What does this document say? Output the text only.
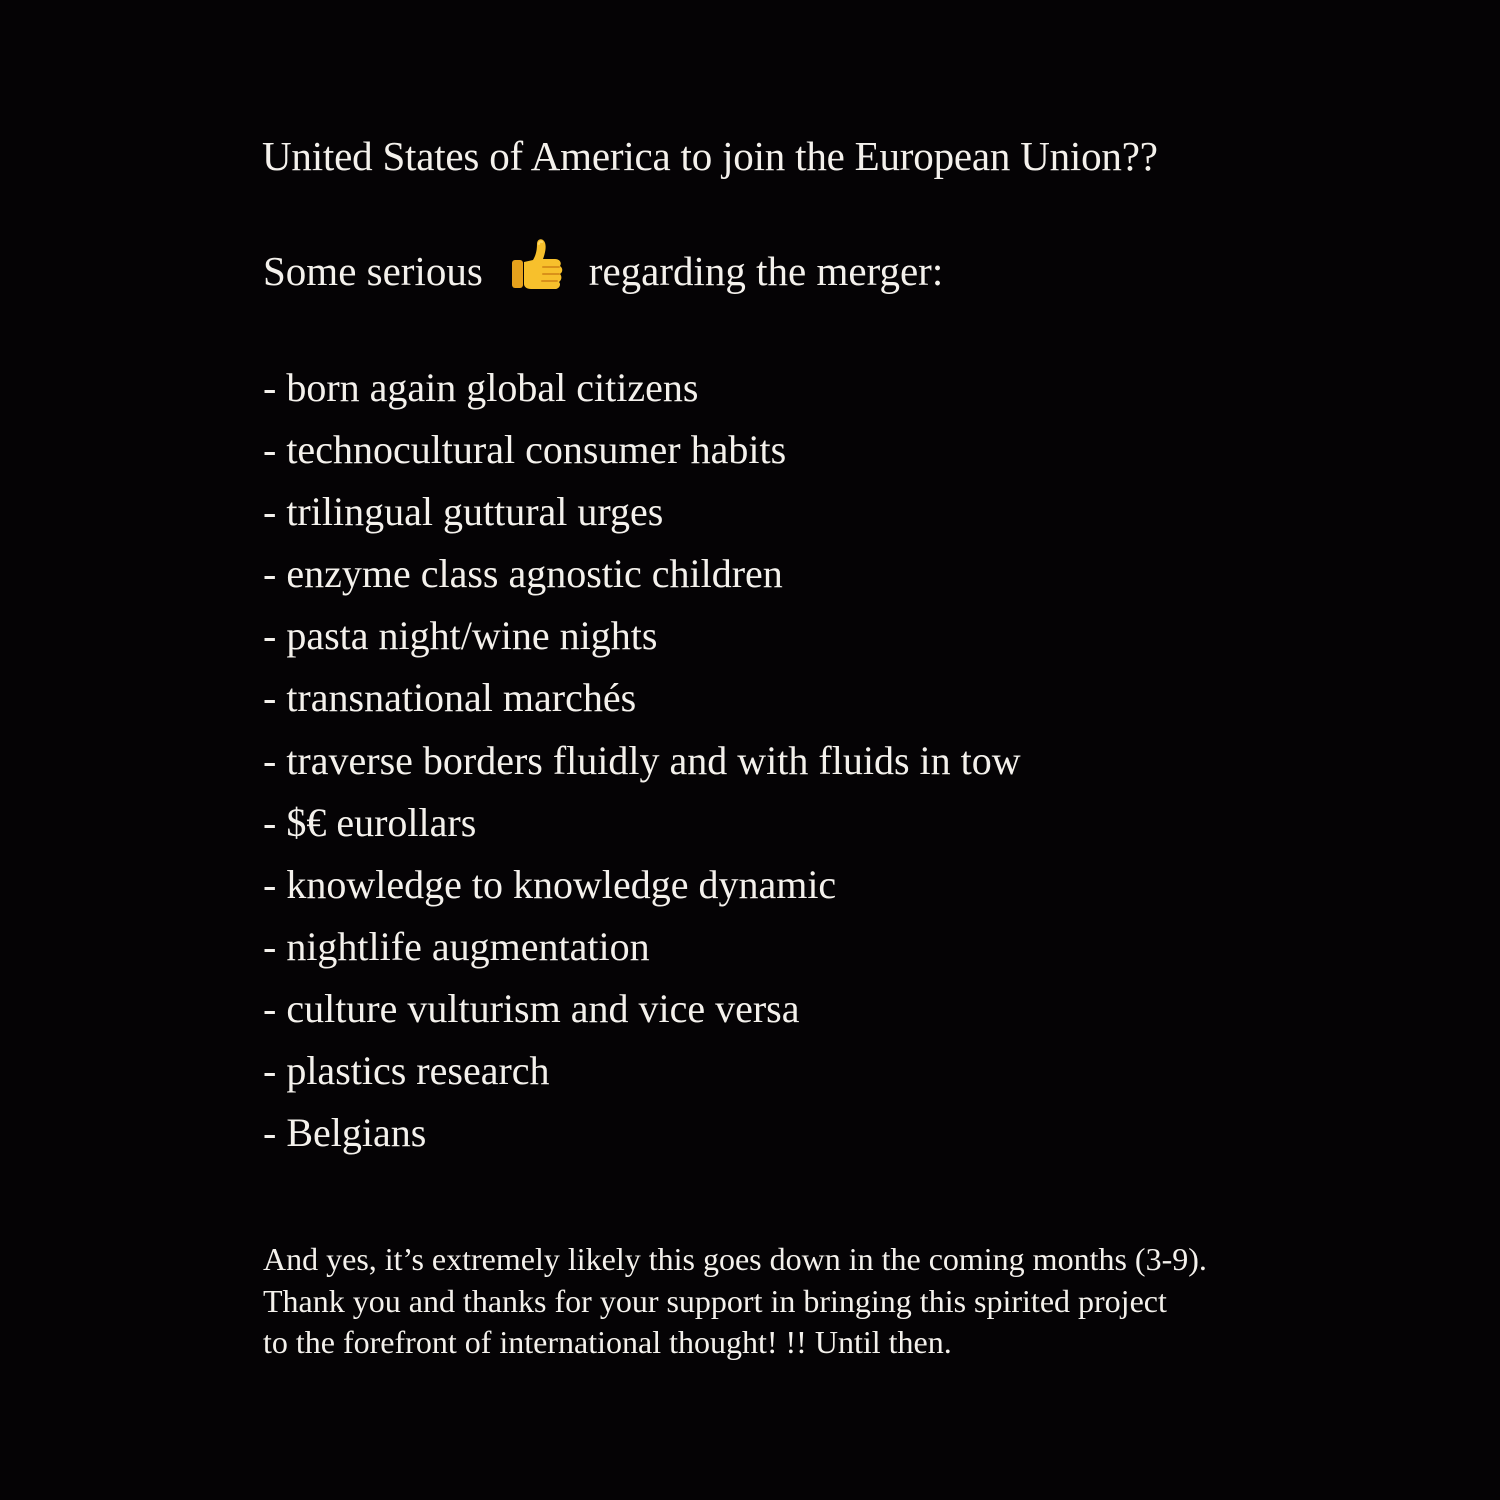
United States of America to join the European Union??
Some serious	regarding the merger:
- born again global citizens
- technocultural consumer habits
- trilingual guttural urges
- enzyme class agnostic children
- pasta night/wine nights
- transnational marchés
- traverse borders fluidly and with fluids in tow
- $€ eurollars
- knowledge to knowledge dynamic
- nightlife augmentation
- culture vulturism and vice versa
- plastics research
- Belgians
And yes, it’s extremely likely this goes down in the coming months (3-9).
Thank you and thanks for your support in bringing this spirited project
to the forefront of international thought! !! Until then.
